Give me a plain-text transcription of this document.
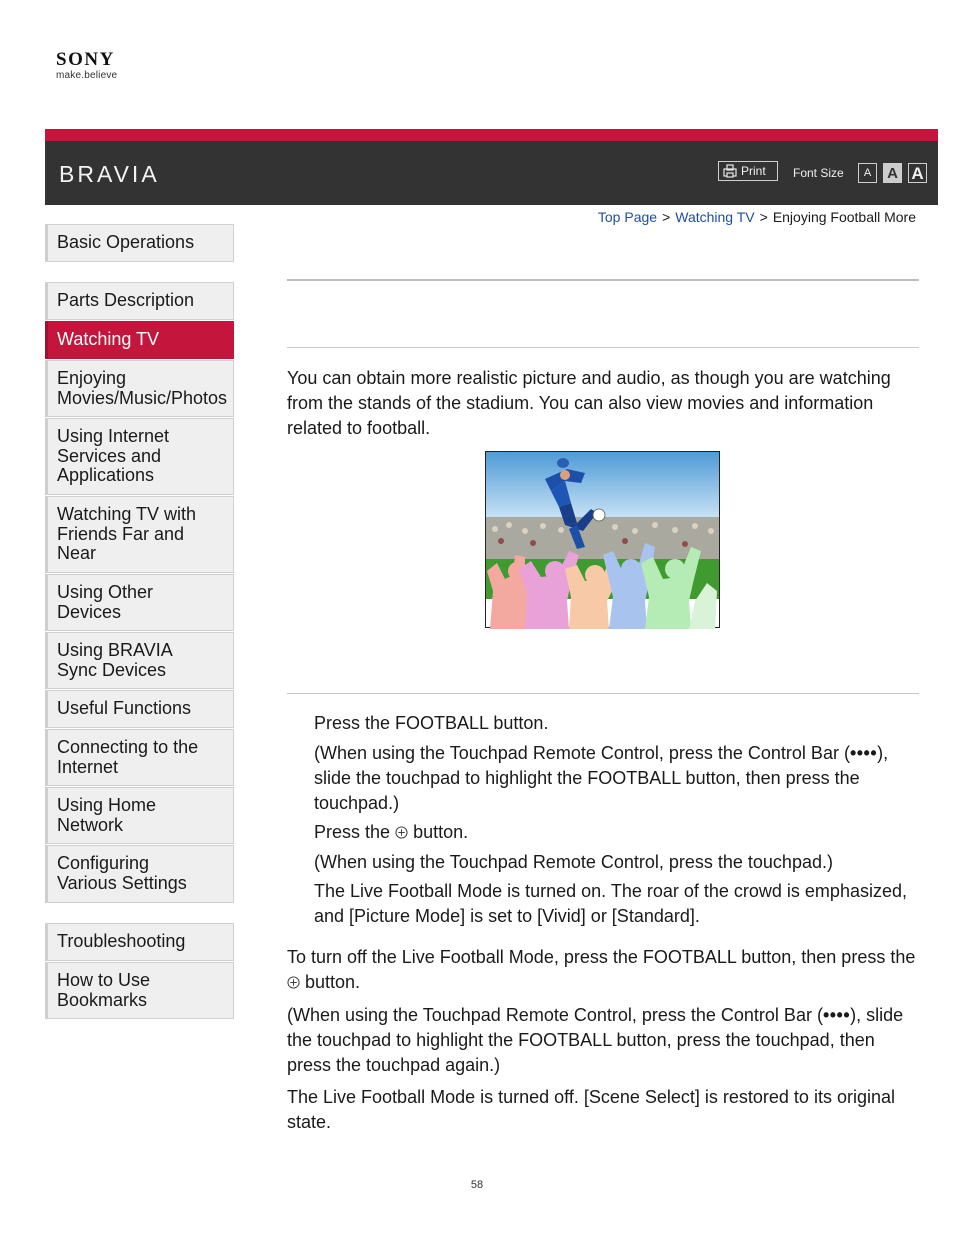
SONY
make.believe
BRAVIA	Print Font Size	A	A A
Top Page > Watching TV > Enjoying Football More
Basic Operations
Parts Description
Watching TV
Enjoying
Movies/Music/Photos
Using Internet
Services and
Applications
Watching TV with
Friends Far and
Near
Using Other
Devices
Using BRAVIA
Sync Devices
Useful Functions
Connecting to the
Internet
Using Home
Network
Configuring
Various Settings
Troubleshooting
How to Use
Bookmarks
You can obtain more realistic picture and audio, as though you are watching from the stands of the stadium. You can also view movies and information related to football.
Press the FOOTBALL button.
(When using the Touchpad Remote Control, press the Control Bar (••••), slide the touchpad to highlight the FOOTBALL button, then press the touchpad.)
Press the button.
(When using the Touchpad Remote Control, press the touchpad.)
The Live Football Mode is turned on. The roar of the crowd is emphasized, and [Picture Mode] is set to [Vivid] or [Standard].
To turn off the Live Football Mode, press the FOOTBALL button, then press the  button.
(When using the Touchpad Remote Control, press the Control Bar (••••), slide the touchpad to highlight the FOOTBALL button, press the touchpad, then press the touchpad again.)
The Live Football Mode is turned off. [Scene Select] is restored to its original state.
58
